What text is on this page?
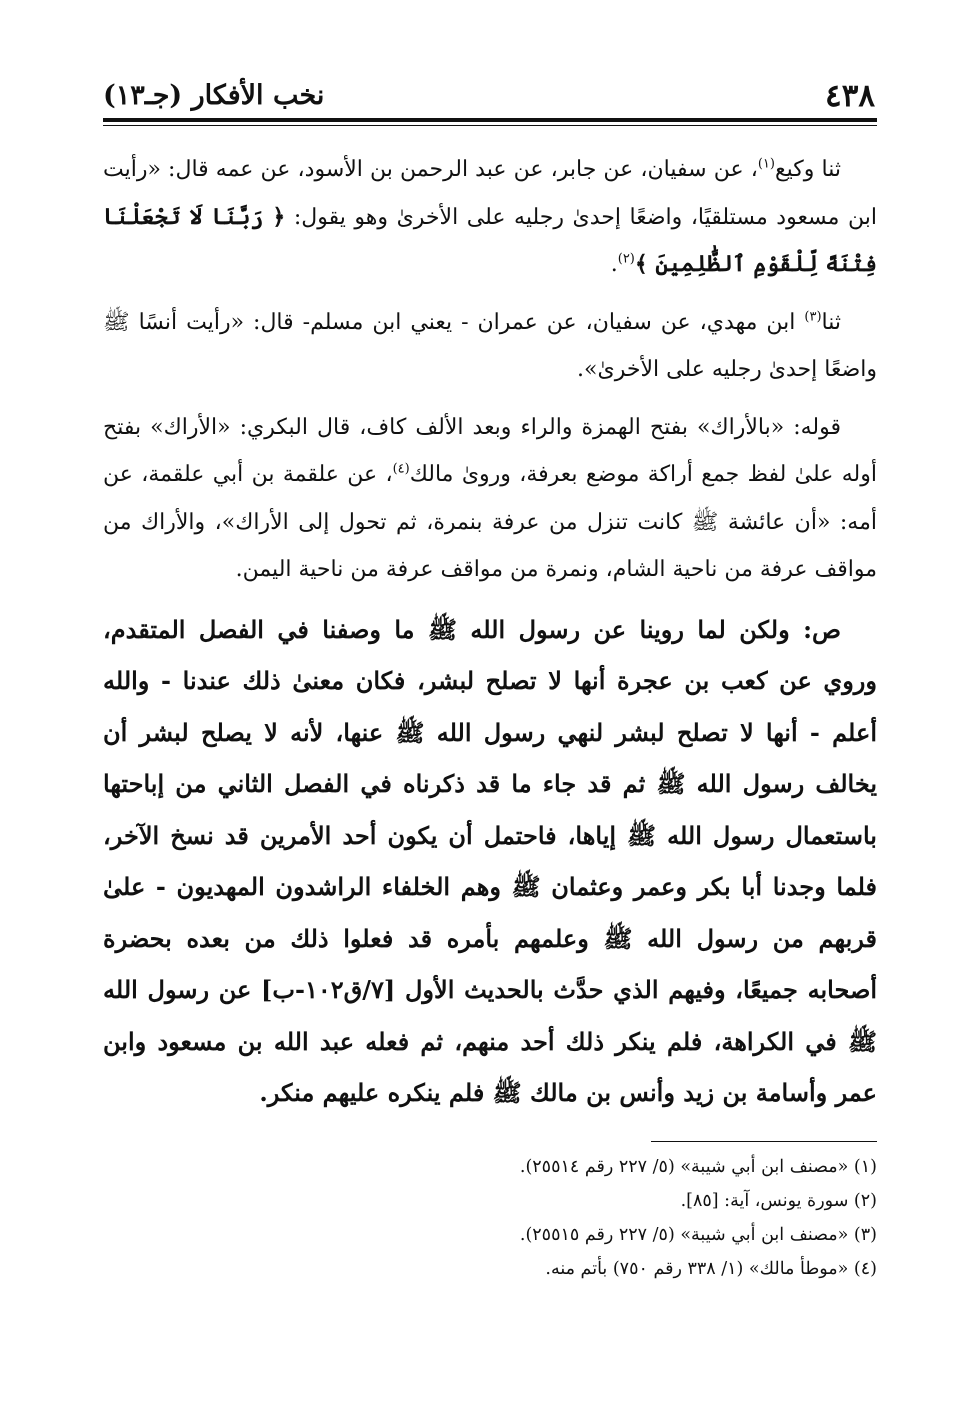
٤٣٨
نخب الأفكار (جـ١٣)

ثنا وكيع$^{(١)}$، عن سفيان، عن جابر، عن عبد الرحمن بن الأسود، عن عمه قال: «رأيت ابن مسعود مستلقيًا، واضعًا إحدىٰ رجليه على الأخرىٰ وهو يقول: ﴿ رَبَّنَا لَا تَجْعَلْنَا فِتْنَةً لِّلْقَوْمِ ٱلظَّٰلِمِينَ ﴾$^{(٢)}$.

ثنا$^{(٣)}$ ابن مهدي، عن سفيان، عن عمران - يعني ابن مسلم- قال: «رأيت أنسًا ﷺ واضعًا إحدىٰ رجليه على الأخرىٰ».

قوله: «بالأراك» بفتح الهمزة والراء وبعد الألف كاف، قال البكري: «الأراك» بفتح أوله علىٰ لفظ جمع أراكة موضع بعرفة، وروىٰ مالك$^{(٤)}$، عن علقمة بن أبي علقمة، عن أمه: «أن عائشة ﷺ كانت تنزل من عرفة بنمرة، ثم تحول إلى الأراك»، والأراك من مواقف عرفة من ناحية الشام، ونمرة من مواقف عرفة من ناحية اليمن.

ص: ولكن لما روينا عن رسول الله ﷺ ما وصفنا في الفصل المتقدم، وروي عن كعب بن عجرة أنها لا تصلح لبشر، فكان معنىٰ ذلك عندنا - والله أعلم - أنها لا تصلح لبشر لنهي رسول الله ﷺ عنها، لأنه لا يصلح لبشر أن يخالف رسول الله ﷺ ثم قد جاء ما قد ذكرناه في الفصل الثاني من إباحتها باستعمال رسول الله ﷺ إياها، فاحتمل أن يكون أحد الأمرين قد نسخ الآخر، فلما وجدنا أبا بكر وعمر وعثمان ﷺ وهم الخلفاء الراشدون المهديون - علىٰ قربهم من رسول الله ﷺ وعلمهم بأمره قد فعلوا ذلك من بعده بحضرة أصحابه جميعًا، وفيهم الذي حدَّث بالحديث الأول [٧/ق١٠٢-ب] عن رسول الله ﷺ في الكراهة، فلم ينكر ذلك أحد منهم، ثم فعله عبد الله بن مسعود وابن عمر وأسامة بن زيد وأنس بن مالك ﷺ فلم ينكره عليهم منكر.

(١) «مصنف ابن أبي شيبة» (٥/ ٢٢٧ رقم ٢٥٥١٤).

(٢) سورة يونس، آية: [٨٥].

(٣) «مصنف ابن أبي شيبة» (٥/ ٢٢٧ رقم ٢٥٥١٥).

(٤) «موطأ مالك» (١/ ٣٣٨ رقم ٧٥٠) بأتم منه.
